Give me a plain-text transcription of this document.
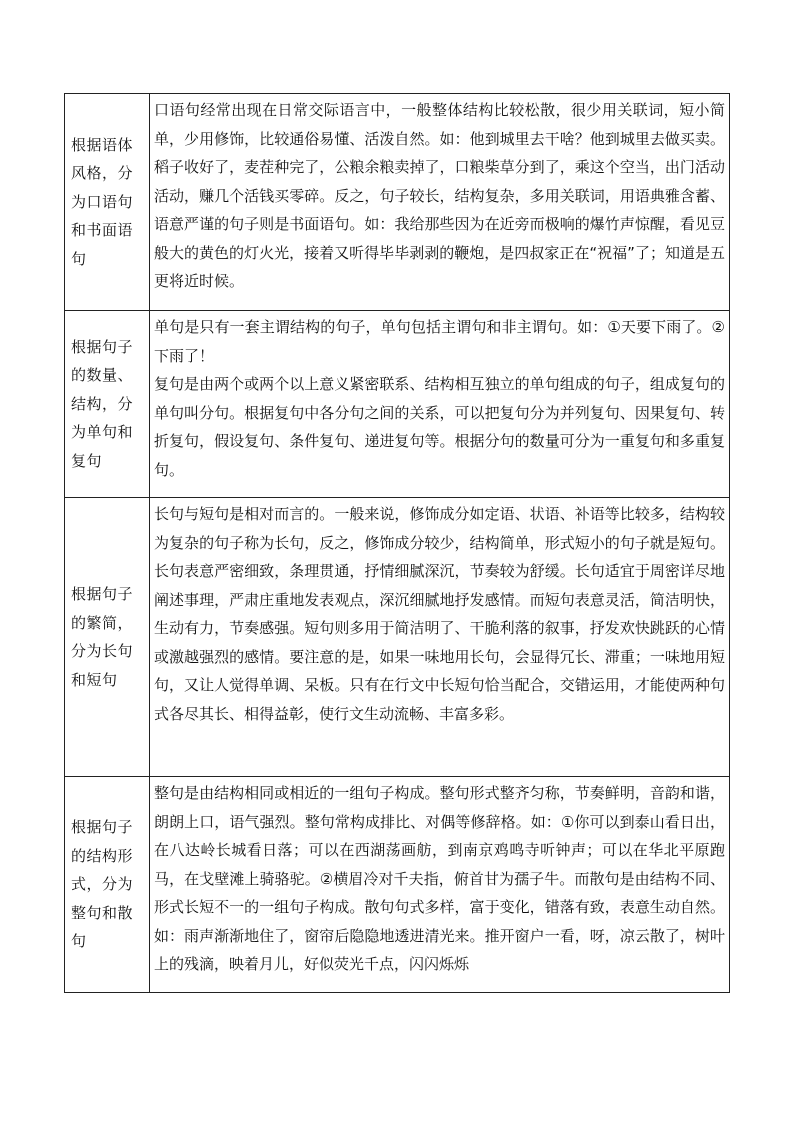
根据语体风格，分为口语句和书面语句	口语句经常出现在日常交际语言中，一般整体结构比较松散，很少用关联词，短小简单，少用修饰，比较通俗易懂、活泼自然。如：他到城里去干啥？他到城里去做买卖。稻子收好了，麦茬种完了，公粮余粮卖掉了，口粮柴草分到了，乘这个空当，出门活动活动，赚几个活钱买零碎。反之，句子较长，结构复杂，多用关联词，用语典雅含蓄、语意严谨的句子则是书面语句。如：我给那些因为在近旁而极响的爆竹声惊醒，看见豆般大的黄色的灯火光，接着又听得毕毕剥剥的鞭炮，是四叔家正在“祝福”了；知道是五更将近时候。

根据句子的数量、结构，分为单句和复句	单句是只有一套主谓结构的句子，单句包括主谓句和非主谓句。如：①天要下雨了。②下雨了！

复句是由两个或两个以上意义紧密联系、结构相互独立的单句组成的句子，组成复句的单句叫分句。根据复句中各分句之间的关系，可以把复句分为并列复句、因果复句、转折复句，假设复句、条件复句、递进复句等。根据分句的数量可分为一重复句和多重复句。

根据句子的繁简，分为长句和短句	长句与短句是相对而言的。一般来说，修饰成分如定语、状语、补语等比较多，结构较为复杂的句子称为长句，反之，修饰成分较少，结构简单，形式短小的句子就是短句。长句表意严密细致，条理贯通，抒情细腻深沉，节奏较为舒缓。长句适宜于周密详尽地阐述事理，严肃庄重地发表观点，深沉细腻地抒发感情。而短句表意灵活，简洁明快，生动有力，节奏感强。短句则多用于简洁明了、干脆利落的叙事，抒发欢快跳跃的心情或激越强烈的感情。要注意的是，如果一味地用长句，会显得冗长、滞重；一味地用短句，又让人觉得单调、呆板。只有在行文中长短句恰当配合，交错运用，才能使两种句式各尽其长、相得益彰，使行文生动流畅、丰富多彩。

根据句子的结构形式，分为整句和散句	整句是由结构相同或相近的一组句子构成。整句形式整齐匀称，节奏鲜明，音韵和谐，朗朗上口，语气强烈。整句常构成排比、对偶等修辞格。如：①你可以到泰山看日出，在八达岭长城看日落；可以在西湖荡画舫，到南京鸡鸣寺听钟声；可以在华北平原跑马，在戈壁滩上骑骆驼。②横眉冷对千夫指，俯首甘为孺子牛。而散句是由结构不同、形式长短不一的一组句子构成。散句句式多样，富于变化，错落有致，表意生动自然。如：雨声渐渐地住了，窗帘后隐隐地透进清光来。推开窗户一看，呀，凉云散了，树叶上的残滴，映着月儿，好似荧光千点，闪闪烁烁
